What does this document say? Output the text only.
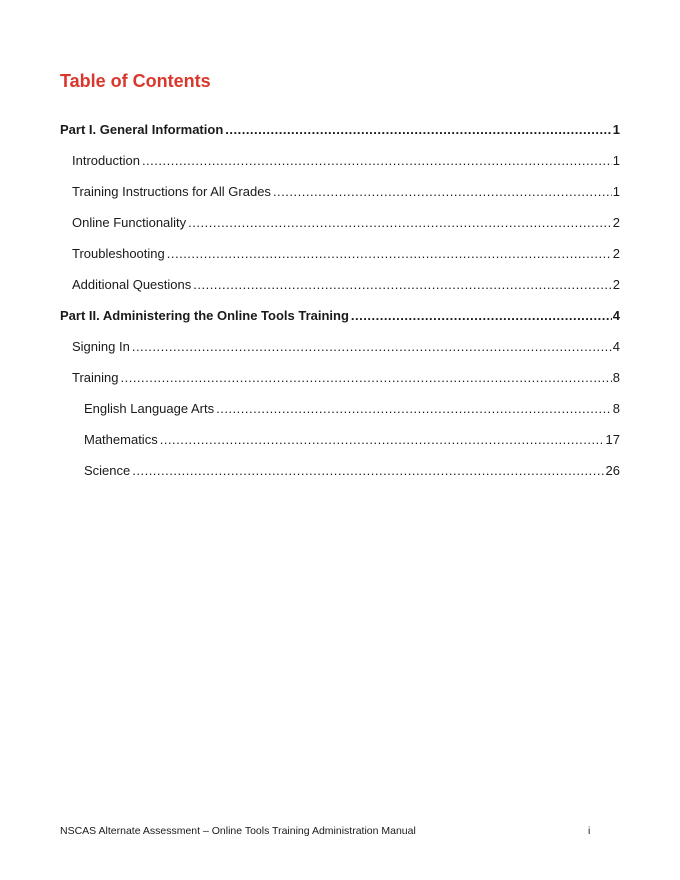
Table of Contents
Part I. General Information .....	1
Introduction .....	1
Training Instructions for All Grades .....	1
Online Functionality .....	2
Troubleshooting .....	2
Additional Questions .....	2
Part II. Administering the Online Tools Training .....	4
Signing In .....	4
Training .....	8
English Language Arts .....	8
Mathematics .....	17
Science .....	26
NSCAS Alternate Assessment – Online Tools Training Administration Manual	i
